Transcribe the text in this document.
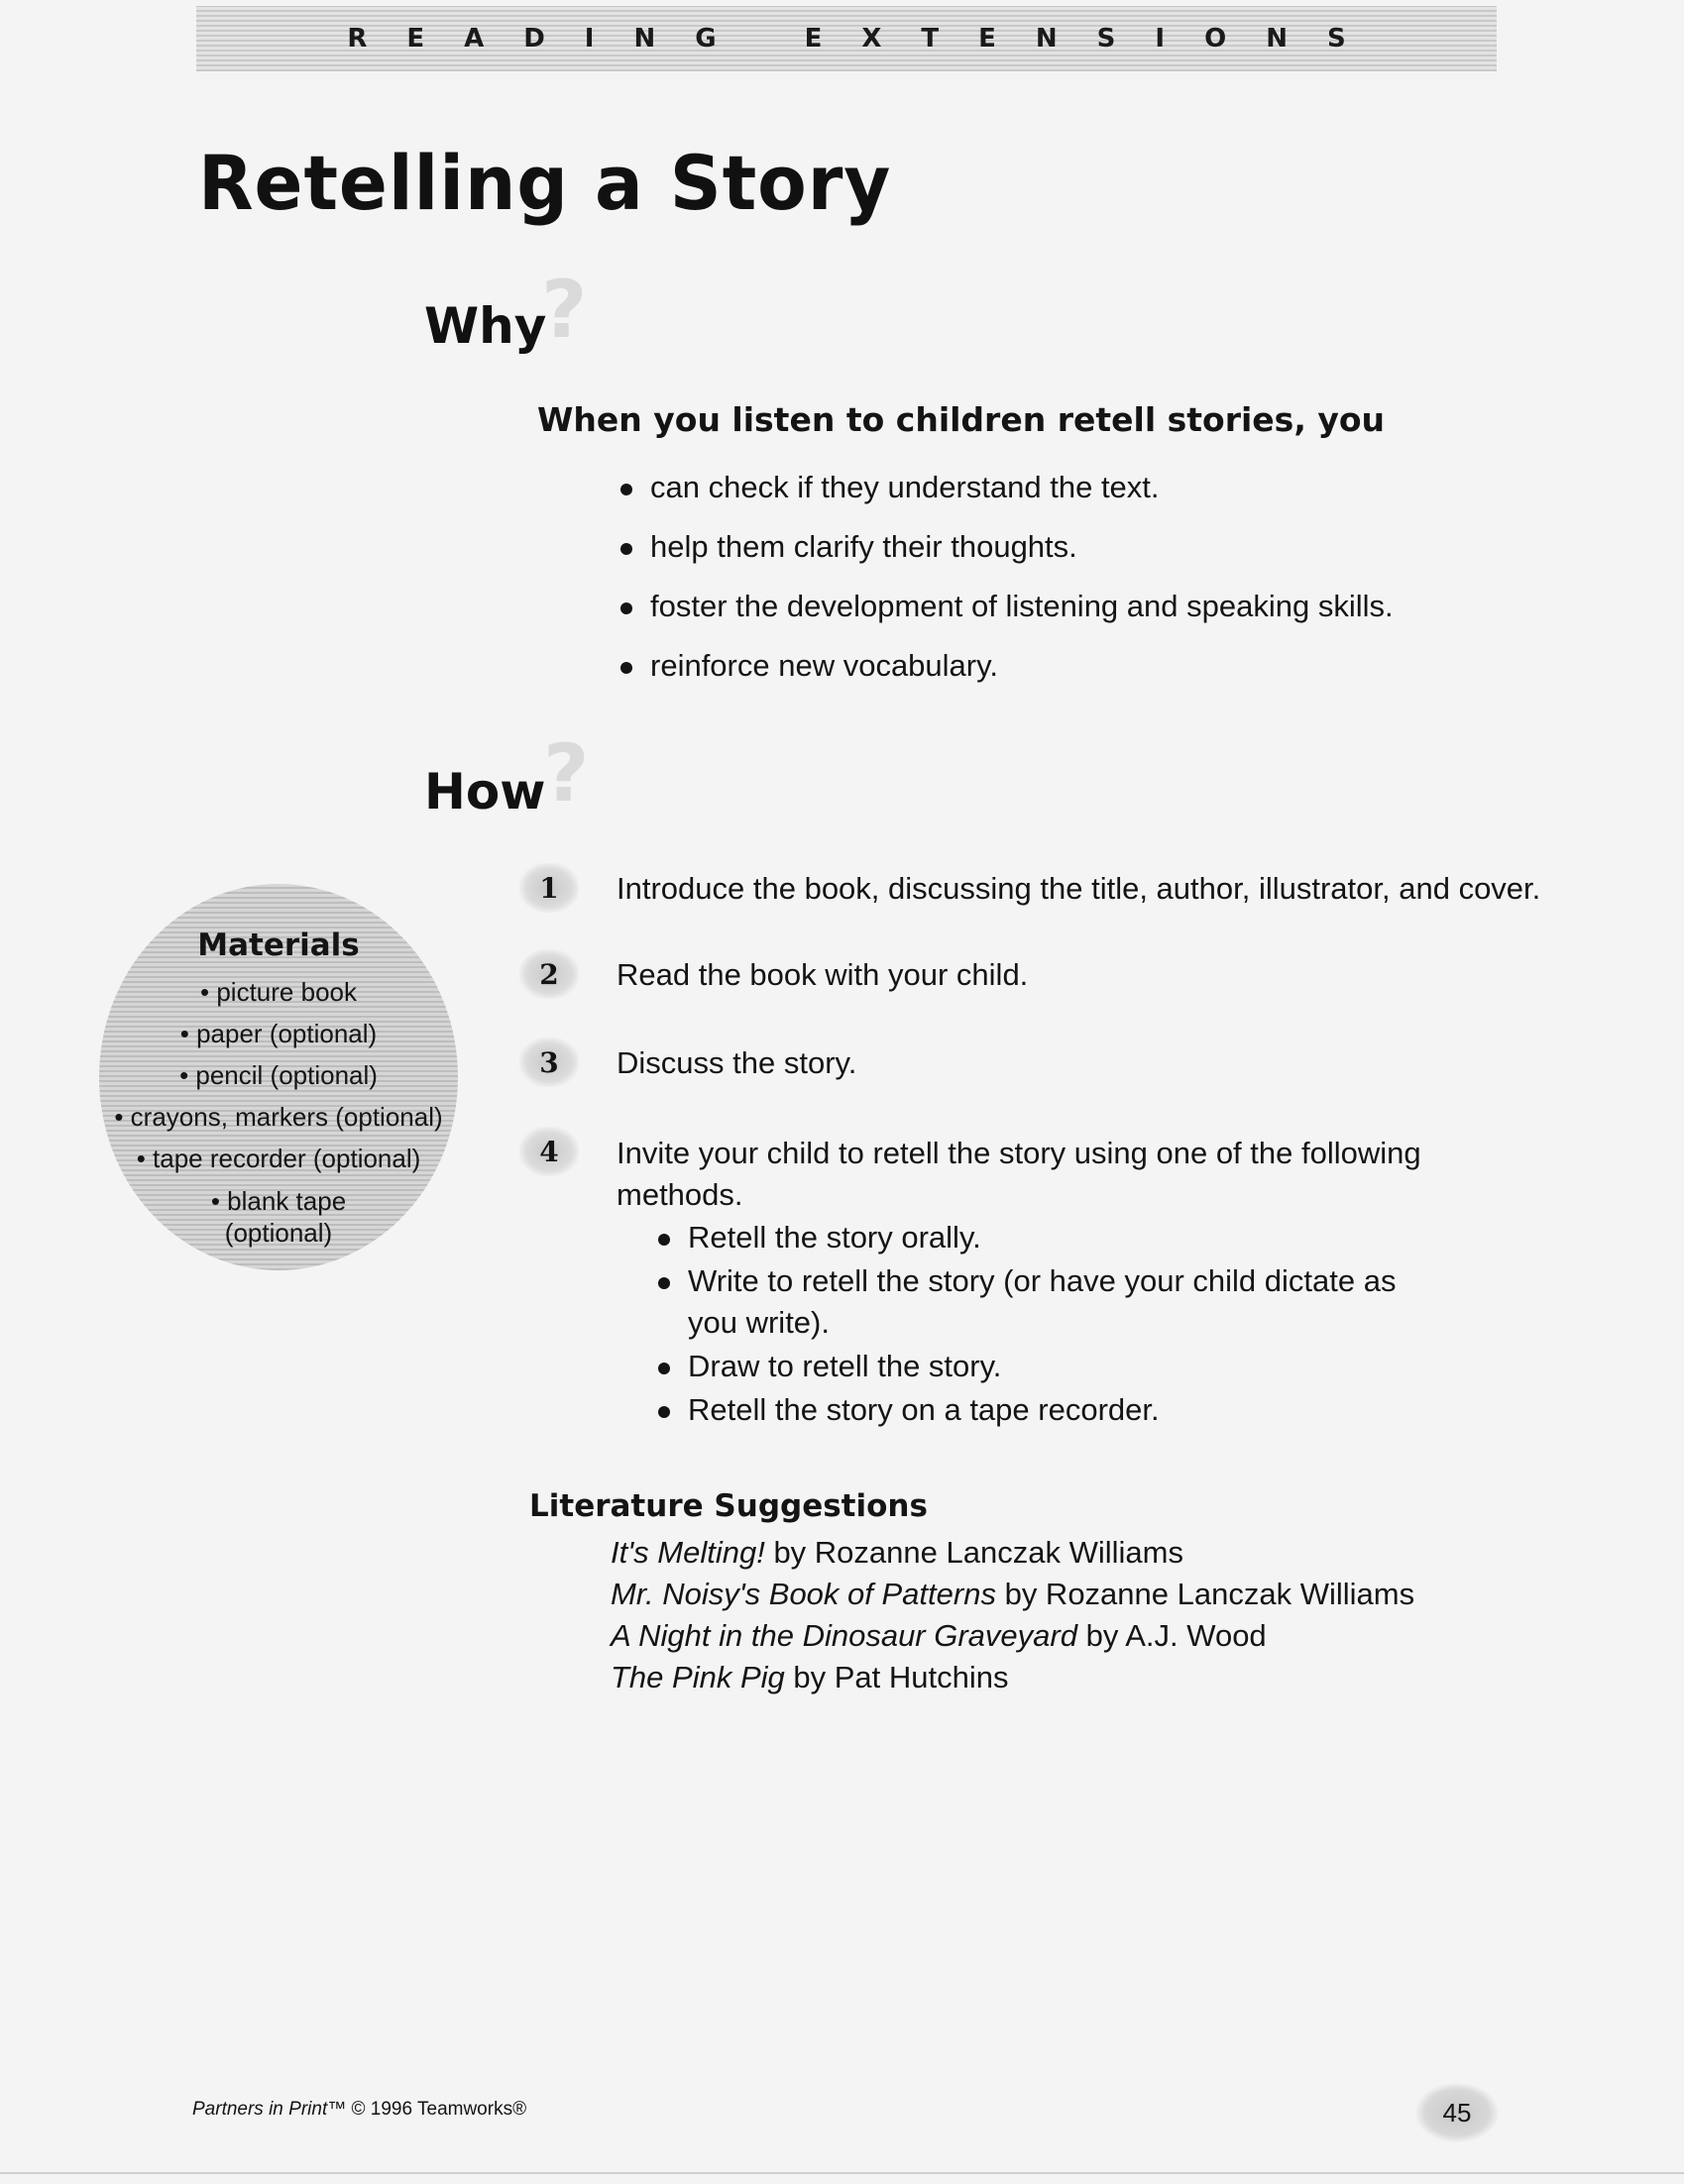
READING EXTENSIONS
Retelling a Story
Why
?

When you listen to children retell stories, you

can check if they understand the text.
help them clarify their thoughts.
foster the development of listening and speaking skills.
reinforce new vocabulary.
How
?
1	Introduce the book, discussing the title, author, illustrator, and cover.

2	Read the book with your child.

3	Discuss the story.

4	Invite your child to retell the story using one of the following methods.

Retell the story orally.
Write to retell the story (or have your child dictate as you write).
Draw to retell the story.
Retell the story on a tape recorder.

Materials

• picture book
• paper (optional)
• pencil (optional)
• crayons, markers (optional)
• tape recorder (optional)
• blank tape (optional)
Literature Suggestions
It's Melting! by Rozanne Lanczak Williams
Mr. Noisy's Book of Patterns by Rozanne Lanczak Williams
A Night in the Dinosaur Graveyard by A.J. Wood
The Pink Pig by Pat Hutchins
Partners in Print™ © 1996 Teamworks®	45
